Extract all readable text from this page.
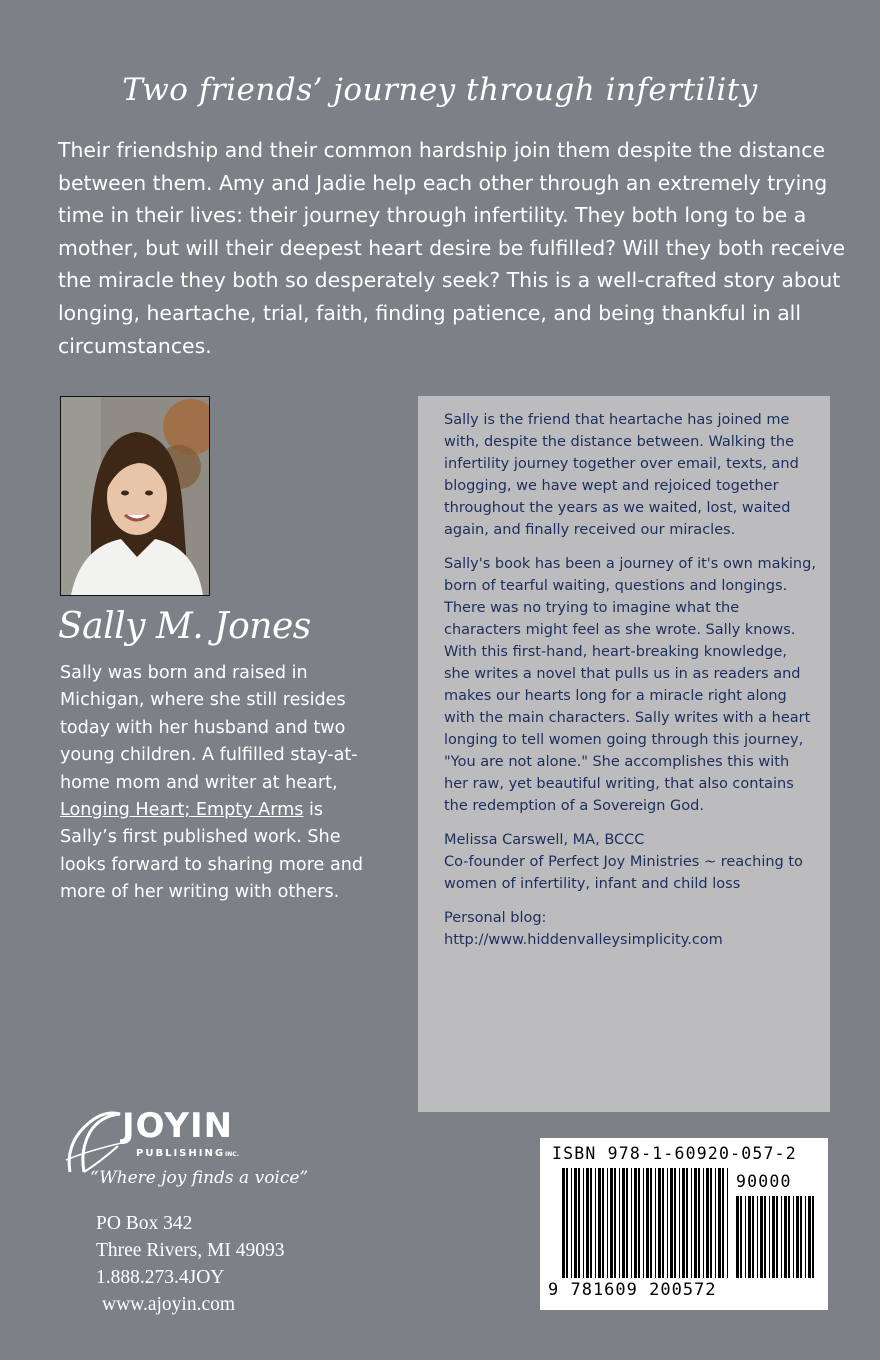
Two friends’ journey through infertility

Their friendship and their common hardship join them despite the distance between them. Amy and Jadie help each other through an extremely trying time in their lives: their journey through infertility. They both long to be a mother, but will their deepest heart desire be fulfilled? Will they both receive the miracle they both so desperately seek? This is a well-crafted story about longing, heartache, trial, faith, finding patience, and being thankful in all circumstances.

Sally M. Jones

Sally was born and raised in Michigan, where she still resides today with her husband and two young children. A fulfilled stay-at-home mom and writer at heart, Longing Heart; Empty Arms is Sally’s first published work. She looks forward to sharing more and more of her writing with others.

Sally is the friend that heartache has joined me with, despite the distance between. Walking the infertility journey together over email, texts, and blogging, we have wept and rejoiced together throughout the years as we waited, lost, waited again, and finally received our miracles.

Sally's book has been a journey of it's own making, born of tearful waiting, questions and longings. There was no trying to imagine what the characters might feel as she wrote. Sally knows. With this first-hand, heart-breaking knowledge, she writes a novel that pulls us in as readers and makes our hearts long for a miracle right along with the main characters. Sally writes with a heart longing to tell women going through this journey, "You are not alone." She accomplishes this with her raw, yet beautiful writing, that also contains the redemption of a Sovereign God.

Melissa Carswell, MA, BCCC
Co-founder of Perfect Joy Ministries ~ reaching to women of infertility, infant and child loss

Personal blog:
http://www.hiddenvalleysimplicity.com

JOYIN
PUBLISHINGINC.
“Where joy finds a voice”
PO Box 342
Three Rivers, MI 49093
1.888.273.4JOY
www.ajoyin.com
ISBN 978-1-60920-057-2
90000
9 781609 200572
